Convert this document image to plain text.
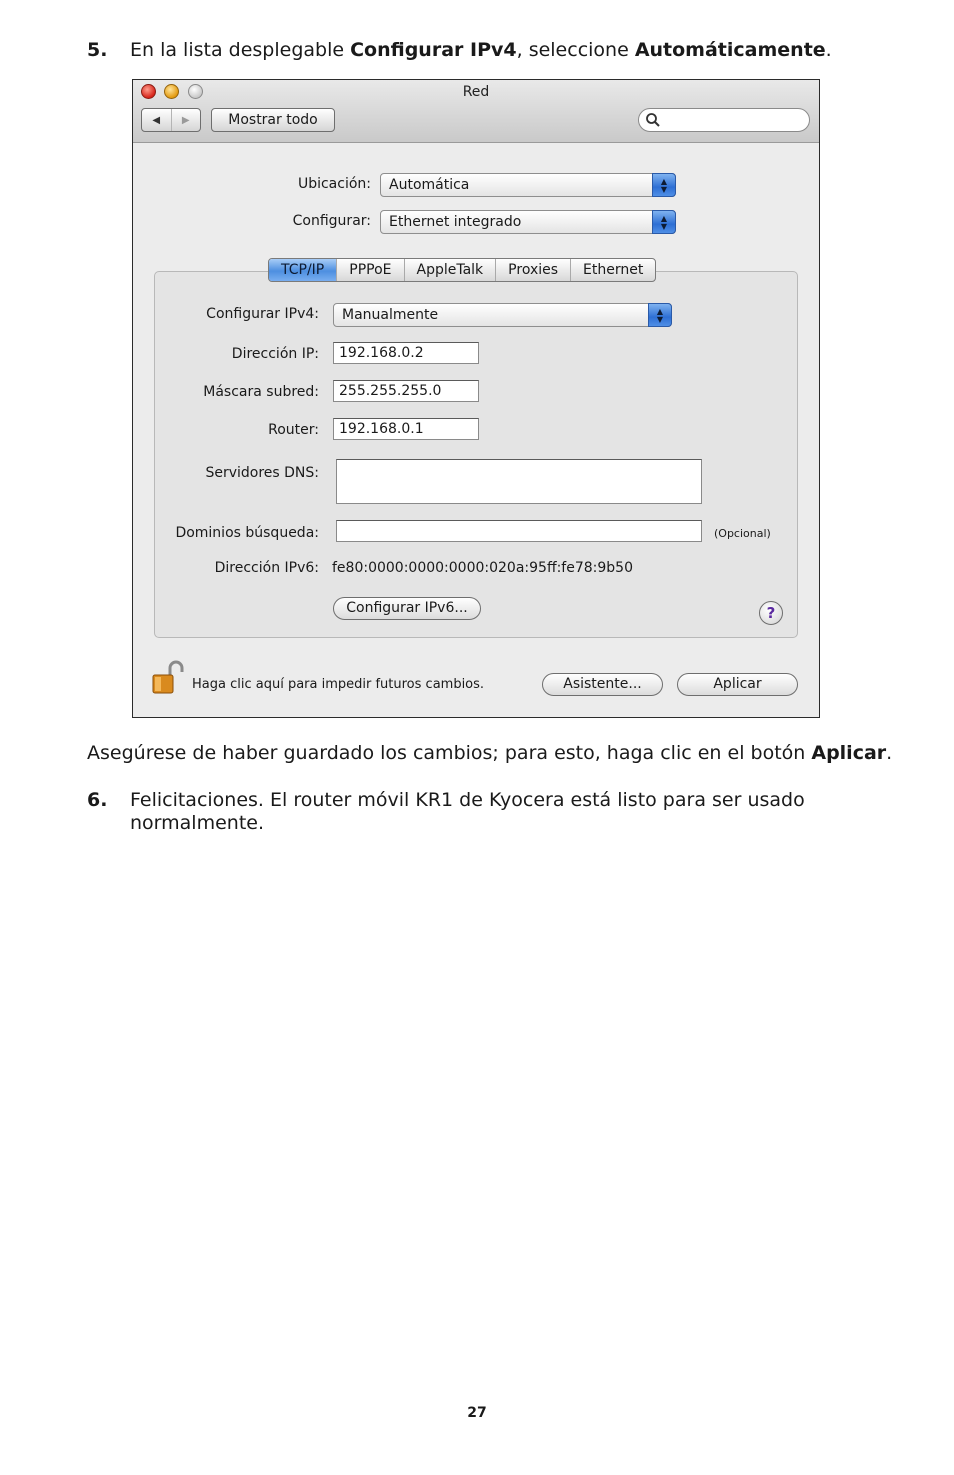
5. En la lista desplegable Configurar IPv4, seleccione Automáticamente.
Red
◀ ▶	Mostrar todo
Ubicación:	Automática	▲
▼
Configurar:	Ethernet integrado	▲
▼
TCP/IP	PPPoE	AppleTalk	Proxies	Ethernet
Configurar IPv4:	Manualmente	▲
▼
Dirección IP:	192.168.0.2
Máscara subred:	255.255.255.0
Router:	192.168.0.1
Servidores DNS:
Dominios búsqueda:	(Opcional)
Dirección IPv6: fe80:0000:0000:0000:020a:95ff:fe78:9b50
Configurar IPv6...	?
Haga clic aquí para impedir futuros cambios.	Asistente...	Aplicar
Asegúrese de haber guardado los cambios; para esto, haga clic en el botón Aplicar.
6. Felicitaciones. El router móvil KR1 de Kyocera está listo para ser usado
normalmente.
27
